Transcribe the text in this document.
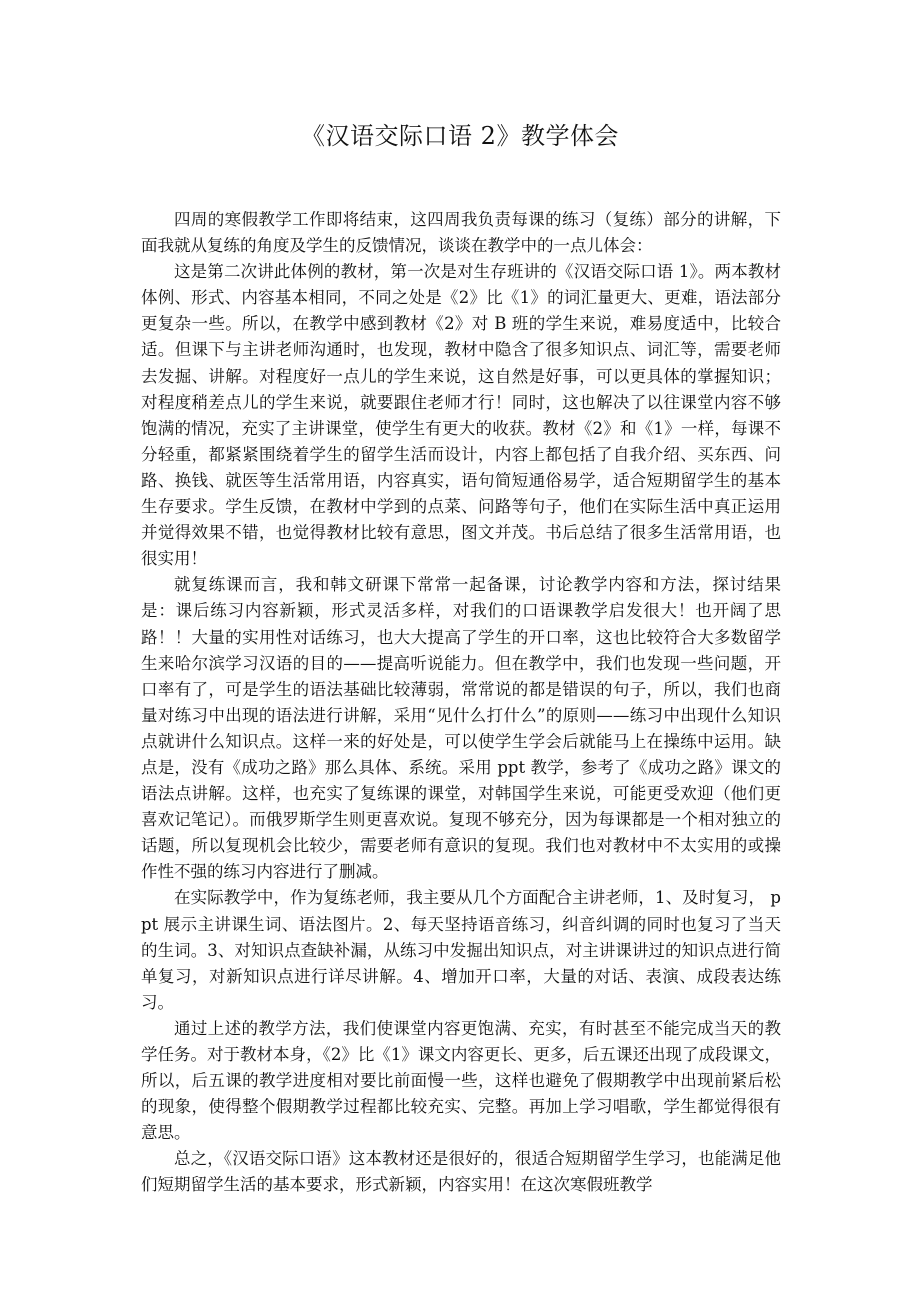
《汉语交际口语 2》教学体会

四周的寒假教学工作即将结束，这四周我负责每课的练习（复练）部分的讲解，下面我就从复练的角度及学生的反馈情况，谈谈在教学中的一点儿体会：

这是第二次讲此体例的教材，第一次是对生存班讲的《汉语交际口语 1》。两本教材体例、形式、内容基本相同，不同之处是《2》比《1》的词汇量更大、更难，语法部分更复杂一些。所以，在教学中感到教材《2》对 B 班的学生来说，难易度适中，比较合适。但课下与主讲老师沟通时，也发现，教材中隐含了很多知识点、词汇等，需要老师去发掘、讲解。对程度好一点儿的学生来说，这自然是好事，可以更具体的掌握知识；对程度稍差点儿的学生来说，就要跟住老师才行！同时，这也解决了以往课堂内容不够饱满的情况，充实了主讲课堂，使学生有更大的收获。教材《2》和《1》一样，每课不分轻重，都紧紧围绕着学生的留学生活而设计，内容上都包括了自我介绍、买东西、问路、换钱、就医等生活常用语，内容真实，语句简短通俗易学，适合短期留学生的基本生存要求。学生反馈，在教材中学到的点菜、问路等句子，他们在实际生活中真正运用并觉得效果不错，也觉得教材比较有意思，图文并茂。书后总结了很多生活常用语，也很实用！

就复练课而言，我和韩文研课下常常一起备课，讨论教学内容和方法，探讨结果是：课后练习内容新颖，形式灵活多样，对我们的口语课教学启发很大！也开阔了思路！！大量的实用性对话练习，也大大提高了学生的开口率，这也比较符合大多数留学生来哈尔滨学习汉语的目的——提高听说能力。但在教学中，我们也发现一些问题，开口率有了，可是学生的语法基础比较薄弱，常常说的都是错误的句子，所以，我们也商量对练习中出现的语法进行讲解，采用“见什么打什么”的原则——练习中出现什么知识点就讲什么知识点。这样一来的好处是，可以使学生学会后就能马上在操练中运用。缺点是，没有《成功之路》那么具体、系统。采用 ppt 教学，参考了《成功之路》课文的语法点讲解。这样，也充实了复练课的课堂，对韩国学生来说，可能更受欢迎（他们更喜欢记笔记）。而俄罗斯学生则更喜欢说。复现不够充分，因为每课都是一个相对独立的话题，所以复现机会比较少，需要老师有意识的复现。我们也对教材中不太实用的或操作性不强的练习内容进行了删减。

在实际教学中，作为复练老师，我主要从几个方面配合主讲老师，1、及时复习， ppt 展示主讲课生词、语法图片。2、每天坚持语音练习，纠音纠调的同时也复习了当天的生词。3、对知识点查缺补漏，从练习中发掘出知识点，对主讲课讲过的知识点进行简单复习，对新知识点进行详尽讲解。4、增加开口率，大量的对话、表演、成段表达练习。

通过上述的教学方法，我们使课堂内容更饱满、充实，有时甚至不能完成当天的教学任务。对于教材本身，《2》比《1》课文内容更长、更多，后五课还出现了成段课文，所以，后五课的教学进度相对要比前面慢一些，这样也避免了假期教学中出现前紧后松的现象，使得整个假期教学过程都比较充实、完整。再加上学习唱歌，学生都觉得很有意思。

总之，《汉语交际口语》这本教材还是很好的，很适合短期留学生学习，也能满足他们短期留学生活的基本要求，形式新颖，内容实用！在这次寒假班教学
